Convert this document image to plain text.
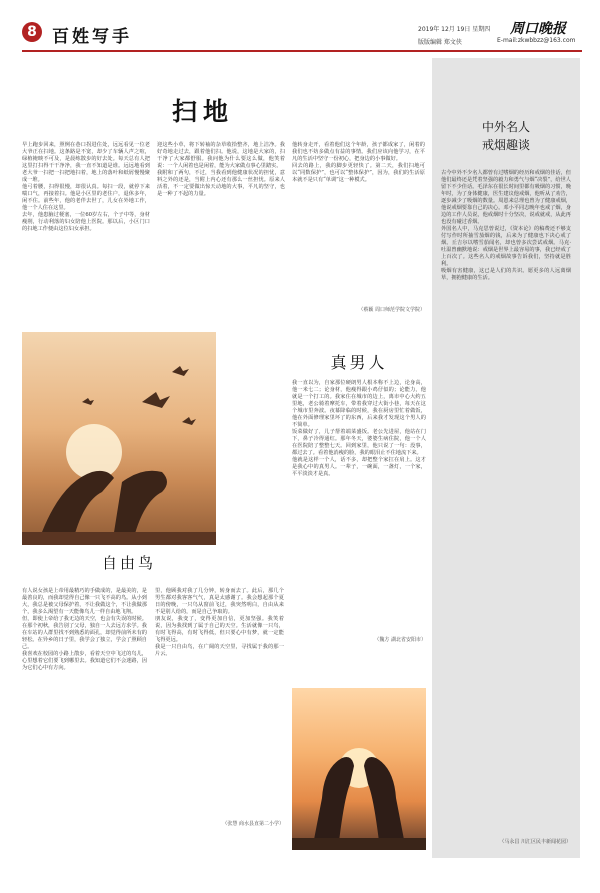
8 百姓写手	2019年 12月 19日 星期四
版版编辑 郑文侠	E-mail:zkwbbzz@163.com
周口晚报
扫地
早上跑步回来，照例在巷口拐进住处，远远看见一位老大爷正在扫地。这条路是不宽，却少了车辆人声之喧，绿植掩映不可及，是晨练散步的好去处。每天总有人把这里打扫得干干净净，我一直不知道是谁。远远地看到老大爷一扫把一扫把地扫着，地上的落叶和纸屑慢慢聚成一堆。
他弓着腰，扫得很慢，却很认真。每扫一段，就停下来喘口气，再接着扫。他是小区里的老住户，退休多年，闲不住。前些年，他的老伴去世了，儿女在外地工作，他一个人住在这里。
去年，他患脑过梗塞，一位60岁左右，个子中等，身材瘦削，行动利落的妇女陪他上医院。那以后，小区门口的扫地工作便由这位妇女承担。
迎这些小草，将下转袖的杂草收拾整齐，地上洁净。我好奇地走过去，跟着他们扫。他说，这地是大家的，扫干净了大家都舒服。我问他为什么要这么做，他笑着说：一个人闲着也是闲着，能为大家做点事心里踏实。
我附和了两句，不过，当我看到他健康状况的担忧，意料之外的还是，当附上内心还有那么一丝担忧。原来人活着，不一定要做出惊天动地的大事，平凡的坚守，也是一种了不起的力量。
他转身走开，看着他们这个年龄，孩子都成家了，闲着的我们也不妨多做点有益的事情。我们应该向他学习，在平凡的生活中坚守一份初心，把身边的小事做好。
回去的路上，我的脚步更轻快了。第二天，我们扫地可以“同数保护”，也可以“整体保护”，因为，我们的生活原本就不是只有“单调”这一种模式。
（蔡颖 周口师范学院文学院）
中外名人
戒烟趣谈
古今中外不少名人都曾有过嗜烟的经历和戒烟的佳话，但他们最终还是凭着坚强的毅力和勇气与烟“决裂”，给世人留下不少佳话。毛泽东在很长时间里都有吸烟的习惯，晚年时，为了身体健康，医生建议他戒烟，他听从了劝告，逐步减少了吸烟的数量。周恩来总理也曾为了健康戒烟，他说戒烟要靠自己的决心。邓小平同志晚年也戒了烟，身边的工作人员说，他戒烟时十分坚决，说戒就戒，从此再也没有碰过香烟。
外国名人中，马克思曾说过，《资本论》的稿费还不够支付写作时所抽雪茄烟的钱，后来为了健康也下决心戒了烟。丘吉尔以嗜雪茄闻名，却也曾多次尝试戒烟。马克·吐温曾幽默地说：戒烟是世界上最容易的事，我已经戒了上百次了。这些名人的戒烟故事告诉我们，坚持就是胜利。
吸烟有害健康，这已是人们的共识。愿更多的人远离烟草，拥抱健康的生活。
（马永昌 川汇区民丰新闻花园）
真男人
我一直以为，自家那位硬朗男人根本称不上边，论身高，他一米七二；论身材，他瘦得跟小鸡仔似的；论能力，他就是一个打工的。我家住在城市的边上，离市中心大约五里地，老公骑着摩托车，带着我穿过大街小巷，每天在这个城市里奔波。夜幕降临的时候，我在厨房里忙着做饭，他在外面修理家里坏了的东西，后来我才发现这个男人的不简单。
饭菜做好了，儿子帮着端菜盛饭。老公先进屋，他站在门下，鼻子冷得通红。那年冬天，婆婆生病住院，他一个人在医院陪了整整七天。回到家里，他只说了一句：没事，都过去了。看着他消瘦的脸，我的眼泪止不住地流下来。
他就是这样一个人，话不多，却把整个家扛在肩上。这才是我心中的真男人。一辈子，一碗面，一盏灯，一个家，平平淡淡才是真。
（魏方 湖北省安阳市）
自由鸟
有人说女孩是上帝用最精巧的手做成的，是最美的，是最善良的，而我却觉得自己像一只飞不高的鸟。从小到大，我总是被父母保护着，不让我做这个，不让我做那个，我多么渴望有一天能像鸟儿一样自由地飞翔。
但，即使上帝给了我无边的天空，也会有失误的时候。在那个初秋，我告别了父母，独自一人去远方求学。我在车站的人群里找不到熟悉的面孔，却觉得前所未有的轻松。在异乡的日子里，我学会了独立，学会了照顾自己。
我喜欢在校园的小路上散步，看着天空中飞过的鸟儿，心里想着它们要飞到哪里去。我知道它们不会迷路，因为它们心中有方向。
里，他顾我对我了几分钟，转身而去了。此后，那几个男生都对我客客气气，真是太感谢了。我会想起那个夏日的傍晚，一只鸟从窗前飞过，我突然明白，自由从来不是别人给的，而是自己争取的。
朋友说，我变了，变得更加自信，更加坚强。我笑着说，因为我找到了属于自己的天空。生活就像一只鸟，有时飞得高，有时飞得低，但只要心中有梦，就一定能飞得更远。
我是一只自由鸟，在广阔的天空里，寻找属于我的那一片云。
（张慧 商水县直第二小学）
